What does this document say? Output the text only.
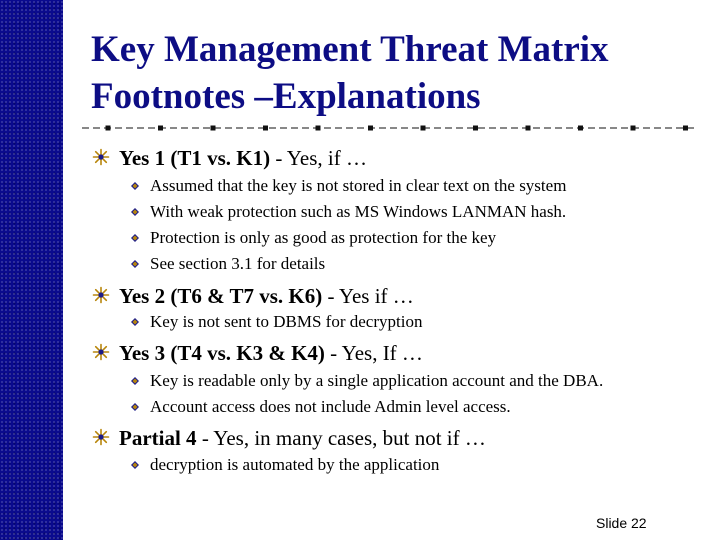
Key Management Threat Matrix
Footnotes –Explanations
Yes 1 (T1 vs. K1) - Yes, if …
Assumed that the key is not stored in clear text on the system
With weak protection such as MS Windows LANMAN hash.
Protection is only as good as protection for the key
See section 3.1 for details
Yes 2 (T6 & T7 vs. K6) - Yes if …
Key is not sent to DBMS for decryption
Yes 3 (T4 vs. K3 & K4) - Yes, If …
Key is readable only by a single application account and the DBA.
Account access does not include Admin level access.
Partial 4 - Yes, in many cases, but not if …
decryption is automated by the application
Slide 22
